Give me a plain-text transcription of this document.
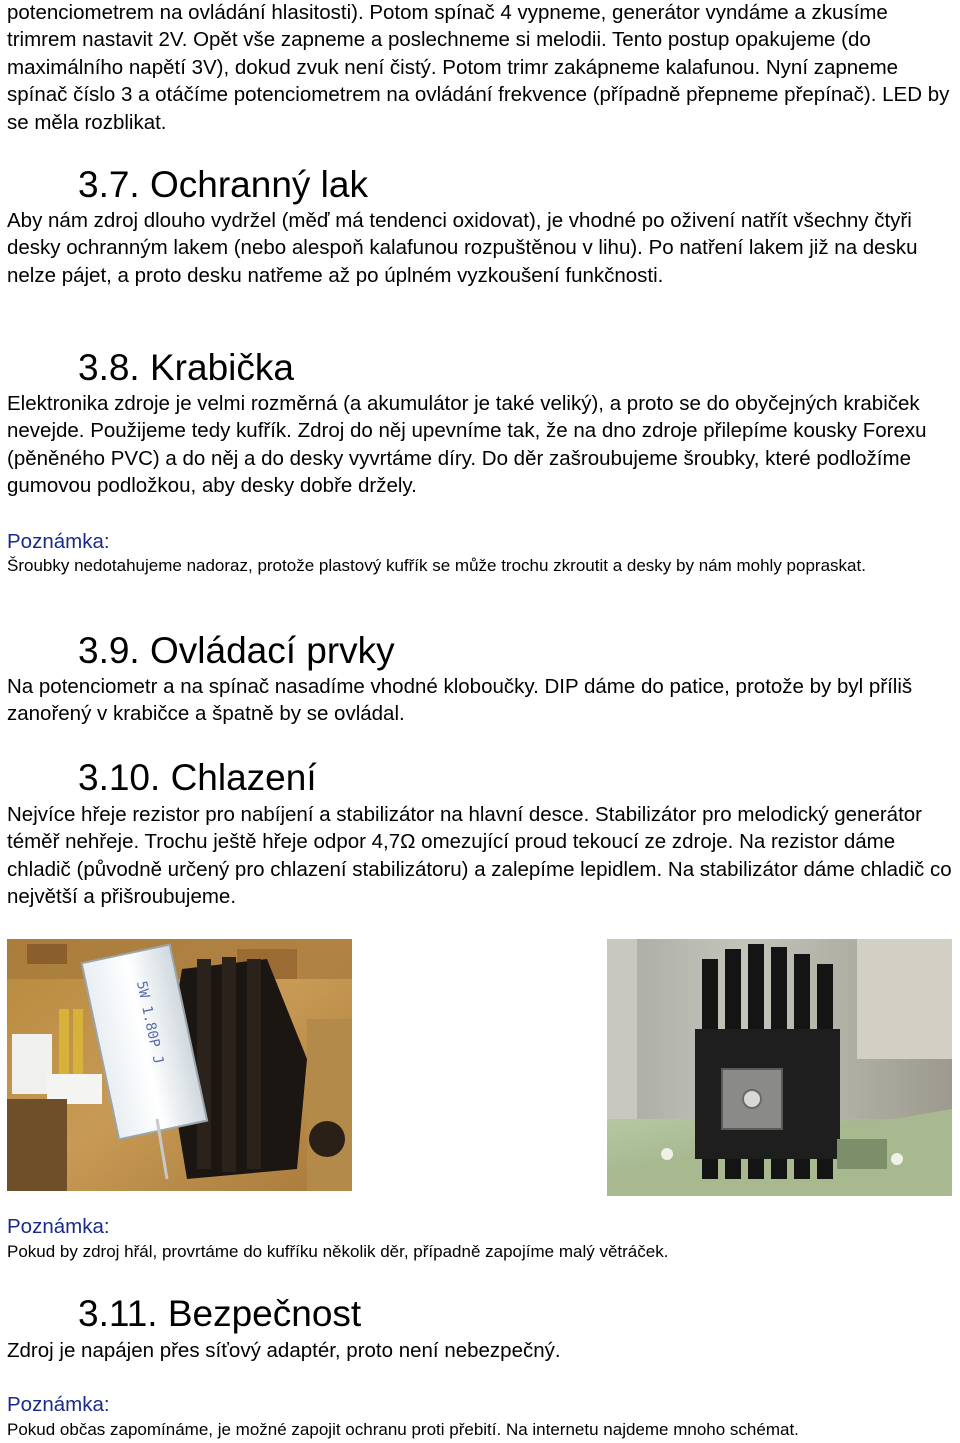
potenciometrem na ovládání hlasitosti). Potom spínač 4 vypneme, generátor vyndáme a zkusíme trimrem nastavit 2V. Opět vše zapneme a poslechneme si melodii. Tento postup opakujeme (do maximálního napětí 3V), dokud zvuk není čistý. Potom trimr zakápneme kalafunou. Nyní zapneme spínač číslo 3 a otáčíme potenciometrem na ovládání frekvence (případně přepneme přepínač). LED by se měla rozblikat.

3.7. Ochranný lak

Aby nám zdroj dlouho vydržel (měď má tendenci oxidovat), je vhodné po oživení natřít všechny čtyři desky ochranným lakem (nebo alespoň kalafunou rozpuštěnou v lihu). Po natření lakem již na desku nelze pájet, a proto desku natřeme až po úplném vyzkoušení funkčnosti.

3.8. Krabička

Elektronika zdroje je velmi rozměrná (a akumulátor je také veliký), a proto se do obyčejných krabiček nevejde. Použijeme tedy kufřík. Zdroj do něj upevníme tak, že na dno zdroje přilepíme kousky Forexu (pěněného PVC) a do něj a do desky vyvrtáme díry. Do děr zašroubujeme šroubky, které podložíme gumovou podložkou, aby desky dobře držely.

Poznámka:

Šroubky nedotahujeme nadoraz, protože plastový kufřík se může trochu zkroutit a desky by nám mohly popraskat.

3.9. Ovládací prvky

Na potenciometr a na spínač nasadíme vhodné kloboučky. DIP dáme do patice, protože by byl příliš zanořený v krabičce a špatně by se ovládal.

3.10. Chlazení

Nejvíce hřeje rezistor pro nabíjení a stabilizátor na hlavní desce. Stabilizátor pro melodický generátor téměř nehřeje. Trochu ještě hřeje odpor 4,7Ω omezující proud tekoucí ze zdroje. Na rezistor dáme chladič (původně určený pro chlazení stabilizátoru) a zalepíme lepidlem. Na stabilizátor dáme chladič co největší a přišroubujeme.

5W 1.80P J

Poznámka:

Pokud by zdroj hřál, provrtáme do kufříku několik děr, případně zapojíme malý větráček.

3.11. Bezpečnost

Zdroj je napájen přes síťový adaptér, proto není nebezpečný.

Poznámka:

Pokud občas zapomínáme, je možné zapojit ochranu proti přebití. Na internetu najdeme mnoho schémat.
